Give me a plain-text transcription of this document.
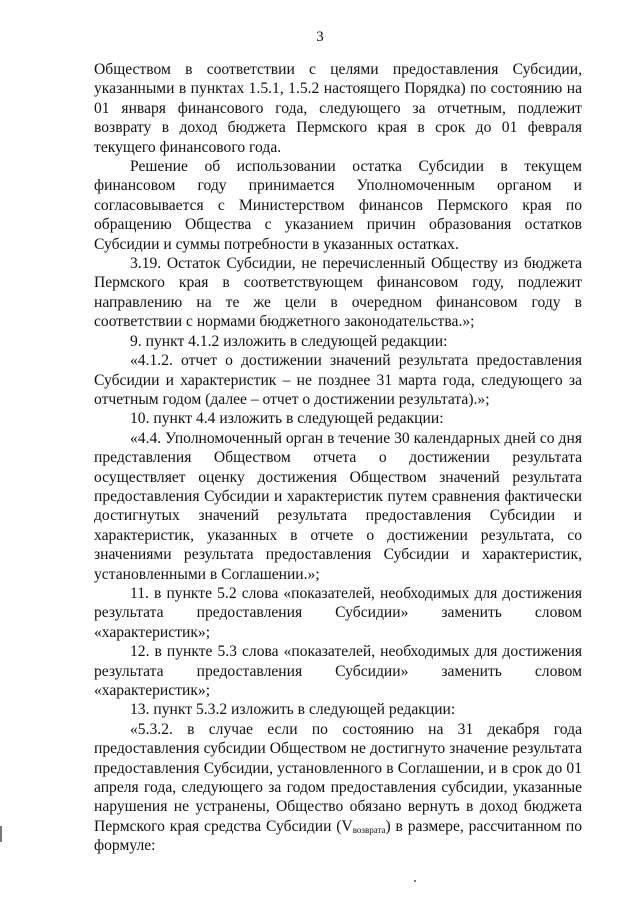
3

Обществом в соответствии с целями предоставления Субсидии, указанными в пунктах 1.5.1, 1.5.2 настоящего Порядка) по состоянию на 01 января финансового года, следующего за отчетным, подлежит возврату в доход бюджета Пермского края в срок до 01 февраля текущего финансового года.

Решение об использовании остатка Субсидии в текущем финансовом году принимается Уполномоченным органом и согласовывается с Министерством финансов Пермского края по обращению Общества с указанием причин образования остатков Субсидии и суммы потребности в указанных остатках.

3.19. Остаток Субсидии, не перечисленный Обществу из бюджета Пермского края в соответствующем финансовом году, подлежит направлению на те же цели в очередном финансовом году в соответствии с нормами бюджетного законодательства.»;

9. пункт 4.1.2 изложить в следующей редакции:

«4.1.2. отчет о достижении значений результата предоставления Субсидии и характеристик – не позднее 31 марта года, следующего за отчетным годом (далее – отчет о достижении результата).»;

10. пункт 4.4 изложить в следующей редакции:

«4.4. Уполномоченный орган в течение 30 календарных дней со дня представления Обществом отчета о достижении результата осуществляет оценку достижения Обществом значений результата предоставления Субсидии и характеристик путем сравнения фактически достигнутых значений результата предоставления Субсидии и характеристик, указанных в отчете о достижении результата, со значениями результата предоставления Субсидии и характеристик, установленными в Соглашении.»;

11. в пункте 5.2 слова «показателей, необходимых для достижения результата предоставления Субсидии» заменить словом «характеристик»;

12. в пункте 5.3 слова «показателей, необходимых для достижения результата предоставления Субсидии» заменить словом «характеристик»;

13. пункт 5.3.2 изложить в следующей редакции:

«5.3.2. в случае если по состоянию на 31 декабря года предоставления субсидии Обществом не достигнуто значение результата предоставления Субсидии, установленного в Соглашении, и в срок до 01 апреля года, следующего за годом предоставления субсидии, указанные нарушения не устранены, Общество обязано вернуть в доход бюджета Пермского края средства Субсидии $(V_{возврата})$ в размере, рассчитанном по формуле:
